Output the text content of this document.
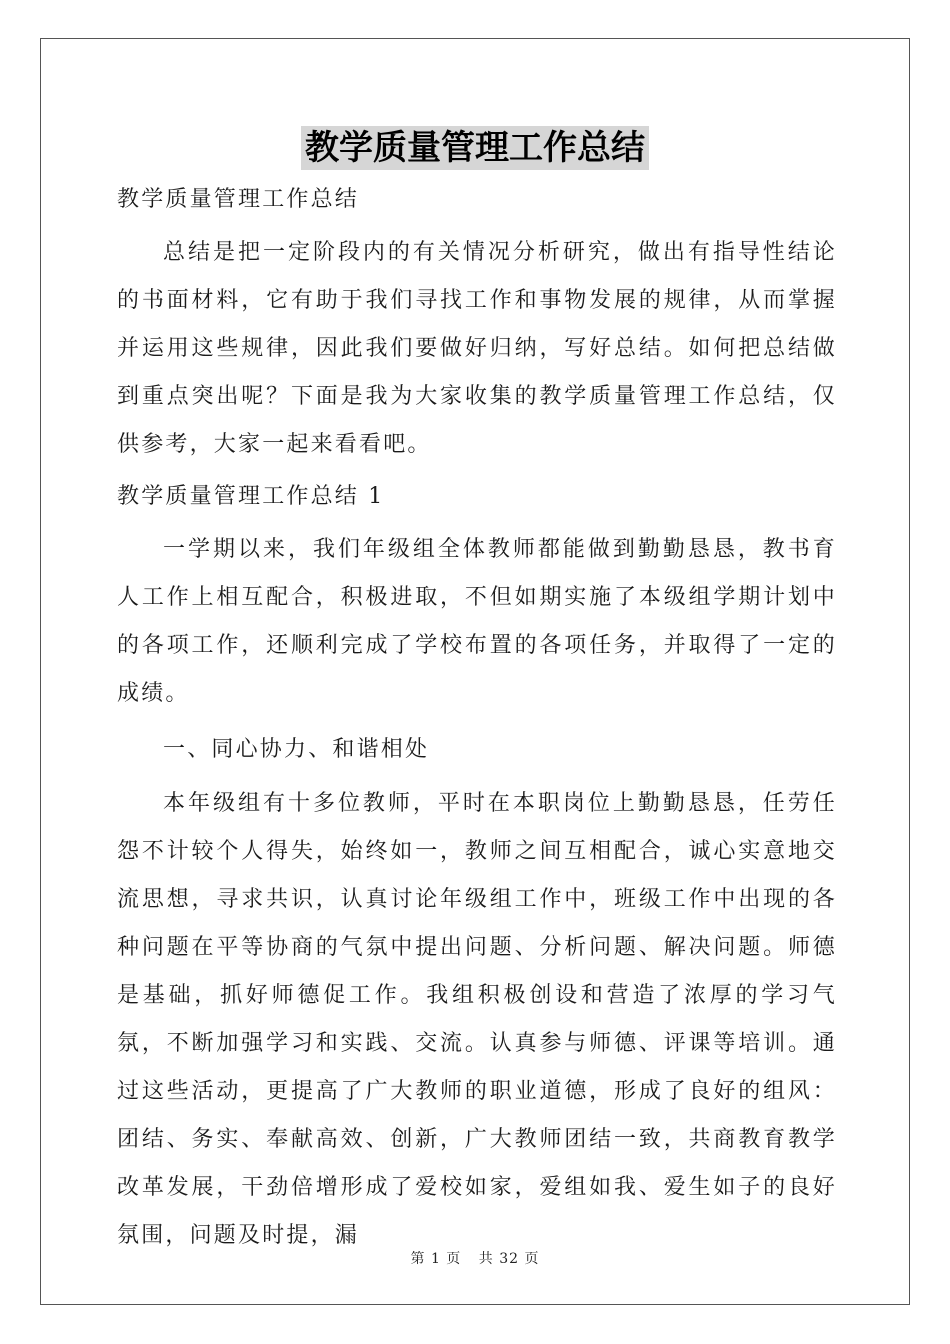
教学质量管理工作总结

教学质量管理工作总结

总结是把一定阶段内的有关情况分析研究，做出有指导性结论的书面材料，它有助于我们寻找工作和事物发展的规律，从而掌握并运用这些规律，因此我们要做好归纳，写好总结。如何把总结做到重点突出呢？下面是我为大家收集的教学质量管理工作总结，仅供参考，大家一起来看看吧。

教学质量管理工作总结 1

一学期以来，我们年级组全体教师都能做到勤勤恳恳，教书育人工作上相互配合，积极进取，不但如期实施了本级组学期计划中的各项工作，还顺利完成了学校布置的各项任务，并取得了一定的成绩。

一、同心协力、和谐相处

本年级组有十多位教师，平时在本职岗位上勤勤恳恳，任劳任怨不计较个人得失，始终如一，教师之间互相配合，诚心实意地交流思想，寻求共识，认真讨论年级组工作中，班级工作中出现的各种问题在平等协商的气氛中提出问题、分析问题、解决问题。师德是基础，抓好师德促工作。我组积极创设和营造了浓厚的学习气氛，不断加强学习和实践、交流。认真参与师德、评课等培训。通过这些活动，更提高了广大教师的职业道德，形成了良好的组风：团结、务实、奉献高效、创新，广大教师团结一致，共商教育教学改革发展，干劲倍增形成了爱校如家，爱组如我、爱生如子的良好氛围，问题及时提，漏

第 1 页 共 32 页
